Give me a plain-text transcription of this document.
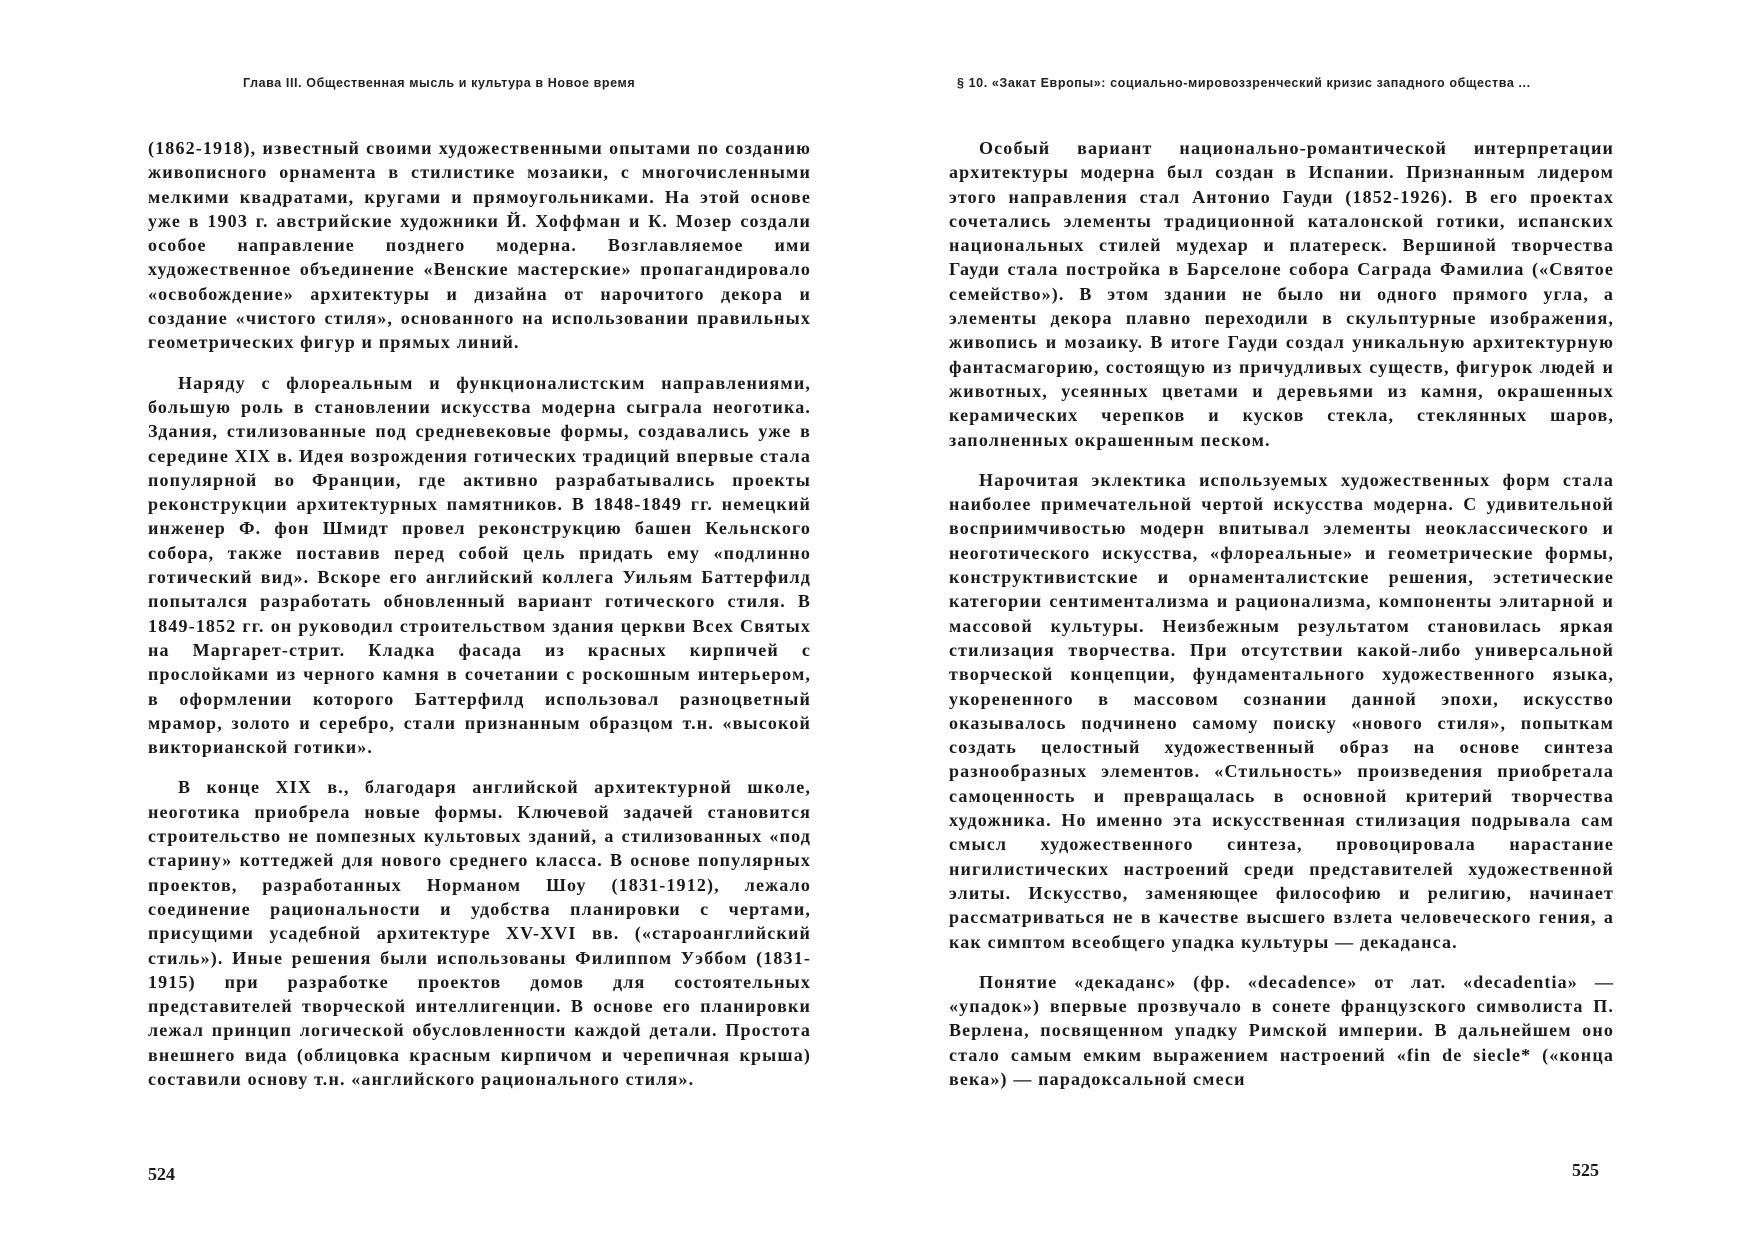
Глава III. Общественная мысль и культура в Новое время

(1862-1918), известный своими художественными опытами по созданию живописного орнамента в стилистике мозаики, с многочисленными мелкими квадратами, кругами и прямоугольниками. На этой основе уже в 1903 г. австрийские художники Й. Хоффман и К. Мозер создали особое направление позднего модерна. Возглавляемое ими художественное объединение «Венские мастерские» пропагандировало «освобождение» архитектуры и дизайна от нарочитого декора и создание «чистого стиля», основанного на использовании правильных геометрических фигур и прямых линий.

Наряду с флореальным и функционалистским направлениями, большую роль в становлении искусства модерна сыграла неоготика. Здания, стилизованные под средневековые формы, создавались уже в середине XIX в. Идея возрождения готических традиций впервые стала популярной во Франции, где активно разрабатывались проекты реконструкции архитектурных памятников. В 1848-1849 гг. немецкий инженер Ф. фон Шмидт провел реконструкцию башен Кельнского собора, также поставив перед собой цель придать ему «подлинно готический вид». Вскоре его английский коллега Уильям Баттерфилд попытался разработать обновленный вариант готического стиля. В 1849-1852 гг. он руководил строительством здания церкви Всех Святых на Маргарет-стрит. Кладка фасада из красных кирпичей с прослойками из черного камня в сочетании с роскошным интерьером, в оформлении которого Баттерфилд использовал разноцветный мрамор, золото и серебро, стали признанным образцом т.н. «высокой викторианской готики».

В конце XIX в., благодаря английской архитектурной школе, неоготика приобрела новые формы. Ключевой задачей становится строительство не помпезных культовых зданий, а стилизованных «под старину» коттеджей для нового среднего класса. В основе популярных проектов, разработанных Норманом Шоу (1831-1912), лежало соединение рациональности и удобства планировки с чертами, присущими усадебной архитектуре XV-XVI вв. («староанглийский стиль»). Иные решения были использованы Филиппом Уэббом (1831-1915) при разработке проектов домов для состоятельных представителей творческой интеллигенции. В основе его планировки лежал принцип логической обусловленности каждой детали. Простота внешнего вида (облицовка красным кирпичом и черепичная крыша) составили основу т.н. «английского рационального стиля».

524
§ 10. «Закат Европы»: социально-мировоззренческий кризис западного общества ...

Особый вариант национально-романтической интерпретации архитектуры модерна был создан в Испании. Признанным лидером этого направления стал Антонио Гауди (1852-1926). В его проектах сочетались элементы традиционной каталонской готики, испанских национальных стилей мудехар и платереск. Вершиной творчества Гауди стала постройка в Барселоне собора Саграда Фамилиа («Святое семейство»). В этом здании не было ни одного прямого угла, а элементы декора плавно переходили в скульптурные изображения, живопись и мозаику. В итоге Гауди создал уникальную архитектурную фантасмагорию, состоящую из причудливых существ, фигурок людей и животных, усеянных цветами и деревьями из камня, окрашенных керамических черепков и кусков стекла, стеклянных шаров, заполненных окрашенным песком.

Нарочитая эклектика используемых художественных форм стала наиболее примечательной чертой искусства модерна. С удивительной восприимчивостью модерн впитывал элементы неоклассического и неоготического искусства, «флореальные» и геометрические формы, конструктивистские и орнаменталистские решения, эстетические категории сентиментализма и рационализма, компоненты элитарной и массовой культуры. Неизбежным результатом становилась яркая стилизация творчества. При отсутствии какой-либо универсальной творческой концепции, фундаментального художественного языка, укорененного в массовом сознании данной эпохи, искусство оказывалось подчинено самому поиску «нового стиля», попыткам создать целостный художественный образ на основе синтеза разнообразных элементов. «Стильность» произведения приобретала самоценность и превращалась в основной критерий творчества художника. Но именно эта искусственная стилизация подрывала сам смысл художественного синтеза, провоцировала нарастание нигилистических настроений среди представителей художественной элиты. Искусство, заменяющее философию и религию, начинает рассматриваться не в качестве высшего взлета человеческого гения, а как симптом всеобщего упадка культуры — декаданса.

Понятие «декаданс» (фр. «decadence» от лат. «decadentia» — «упадок») впервые прозвучало в сонете французского символиста П. Верлена, посвященном упадку Римской империи. В дальнейшем оно стало самым емким выражением настроений «fin de siecle* («конца века») — парадоксальной смеси

525
